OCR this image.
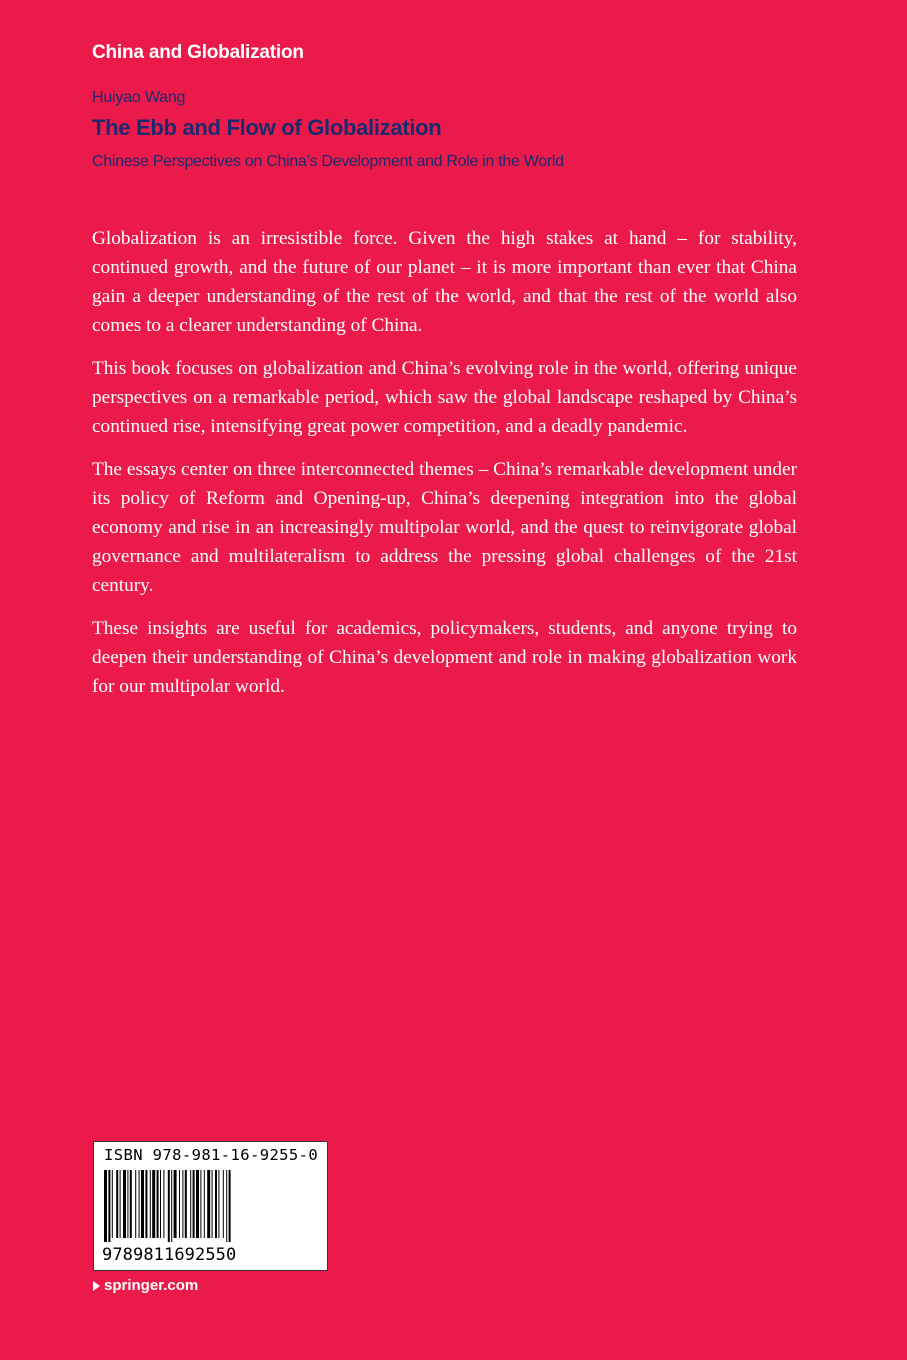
China and Globalization
Huiyao Wang
The Ebb and Flow of Globalization
Chinese Perspectives on China’s Development and Role in the World

Globalization is an irresistible force. Given the high stakes at hand – for stability, continued growth, and the future of our planet – it is more important than ever that China gain a deeper understanding of the rest of the world, and that the rest of the world also comes to a clearer understanding of China.

This book focuses on globalization and China’s evolving role in the world, offering unique perspectives on a remarkable period, which saw the global landscape reshaped by China’s continued rise, intensifying great power competition, and a deadly pandemic.

The essays center on three interconnected themes – China’s remarkable development under its policy of Reform and Opening-up, China’s deepening integration into the global economy and rise in an increasingly multipolar world, and the quest to reinvigorate global governance and multilateralism to address the pressing global challenges of the 21st century.

These insights are useful for academics, policymakers, students, and anyone trying to deepen their understanding of China’s development and role in making globalization work for our multipolar world.

ISBN 978-981-16-9255-0
9789811692550
springer.com
